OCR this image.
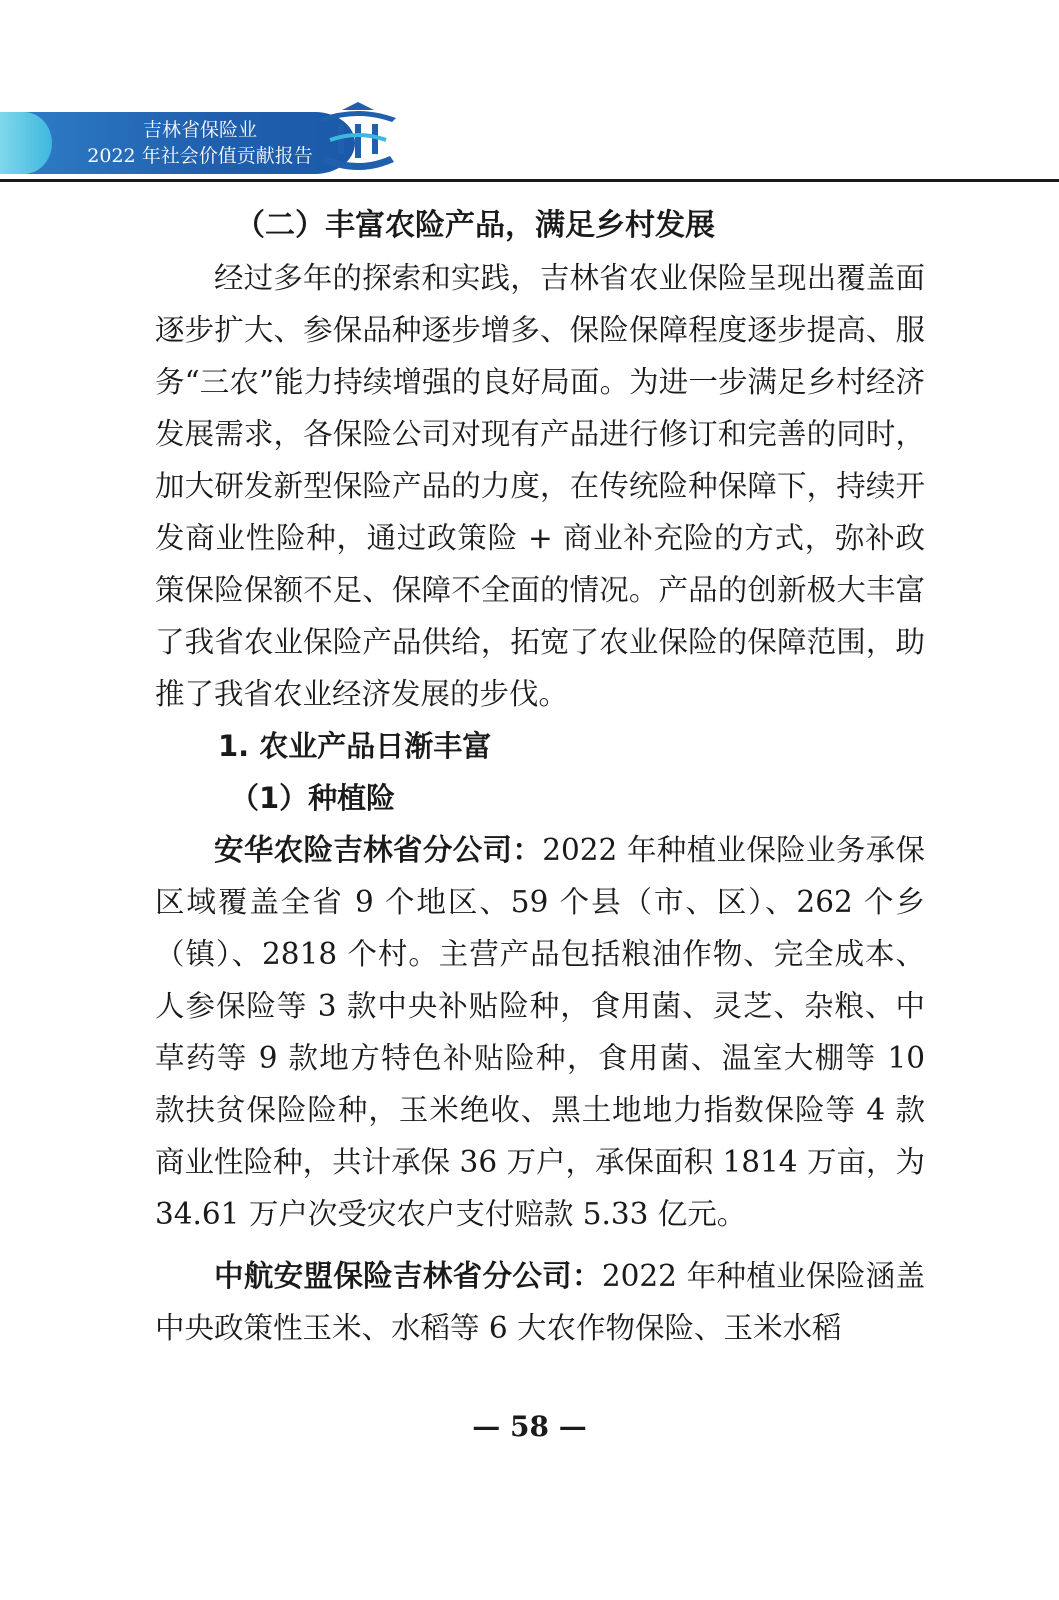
吉林省保险业
2022 年社会价值贡献报告
（二）丰富农险产品，满足乡村发展

经过多年的探索和实践，吉林省农业保险呈现出覆盖面逐步扩大、参保品种逐步增多、保险保障程度逐步提高、服务“三农”能力持续增强的良好局面。为进一步满足乡村经济发展需求，各保险公司对现有产品进行修订和完善的同时，加大研发新型保险产品的力度，在传统险种保障下，持续开发商业性险种，通过政策险 + 商业补充险的方式，弥补政策保险保额不足、保障不全面的情况。产品的创新极大丰富了我省农业保险产品供给，拓宽了农业保险的保障范围，助推了我省农业经济发展的步伐。

1. 农业产品日渐丰富
（1）种植险

安华农险吉林省分公司：2022 年种植业保险业务承保区域覆盖全省 9 个地区、59 个县（市、区）、262 个乡（镇）、2818 个村。主营产品包括粮油作物、完全成本、人参保险等 3 款中央补贴险种，食用菌、灵芝、杂粮、中草药等 9 款地方特色补贴险种，食用菌、温室大棚等 10 款扶贫保险险种，玉米绝收、黑土地地力指数保险等 4 款商业性险种，共计承保 36 万户，承保面积 1814 万亩，为 34.61 万户次受灾农户支付赔款 5.33 亿元。

中航安盟保险吉林省分公司：2022 年种植业保险涵盖中央政策性玉米、水稻等 6 大农作物保险、玉米水稻

— 58 —
